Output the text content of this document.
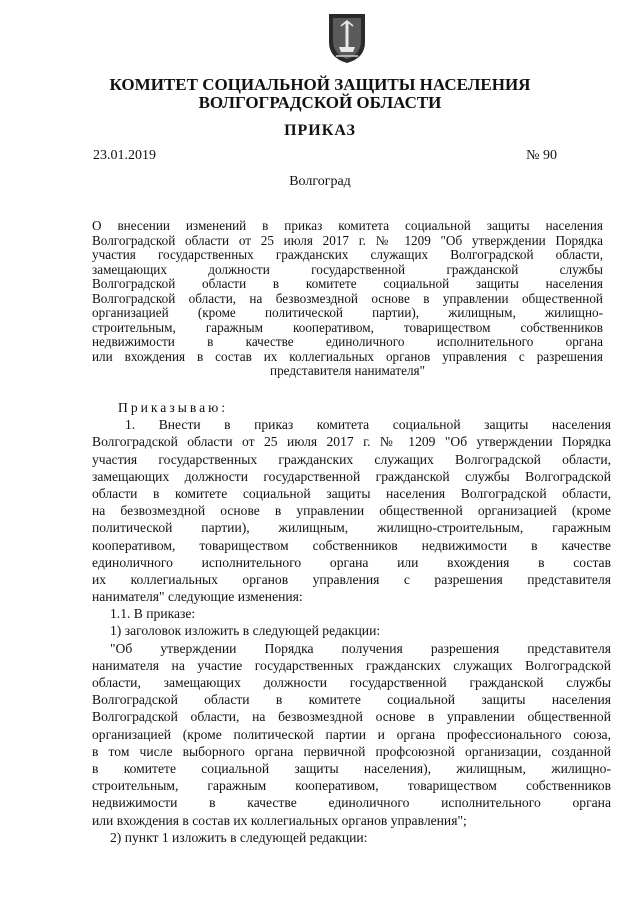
КОМИТЕТ СОЦИАЛЬНОЙ ЗАЩИТЫ НАСЕЛЕНИЯ
ВОЛГОГРАДСКОЙ ОБЛАСТИ
ПРИКАЗ
23.01.2019	№ 90
Волгоград
О внесении изменений в приказ комитета социальной защиты населения
Волгоградской области от 25 июля 2017 г. № 1209 "Об утверждении Порядка
участия государственных гражданских служащих Волгоградской области,
замещающих должности государственной гражданской службы
Волгоградской области в комитете социальной защиты населения
Волгоградской области, на безвозмездной основе в управлении общественной
организацией (кроме политической партии), жилищным, жилищно-
строительным, гаражным кооперативом, товариществом собственников
недвижимости в качестве единоличного исполнительного органа
или вхождения в состав их коллегиальных органов управления с разрешения
представителя нанимателя"
Приказываю:
1. Внести в приказ комитета социальной защиты населения
Волгоградской области от 25 июля 2017 г. № 1209 "Об утверждении Порядка
участия государственных гражданских служащих Волгоградской области,
замещающих должности государственной гражданской службы Волгоградской
области в комитете социальной защиты населения Волгоградской области,
на безвозмездной основе в управлении общественной организацией (кроме
политической партии), жилищным, жилищно-строительным, гаражным
кооперативом, товариществом собственников недвижимости в качестве
единоличного исполнительного органа или вхождения в состав
их коллегиальных органов управления с разрешения представителя
нанимателя" следующие изменения:
1.1. В приказе:
1) заголовок изложить в следующей редакции:
"Об утверждении Порядка получения разрешения представителя
нанимателя на участие государственных гражданских служащих Волгоградской
области, замещающих должности государственной гражданской службы
Волгоградской области в комитете социальной защиты населения
Волгоградской области, на безвозмездной основе в управлении общественной
организацией (кроме политической партии и органа профессионального союза,
в том числе выборного органа первичной профсоюзной организации, созданной
в комитете социальной защиты населения), жилищным, жилищно-
строительным, гаражным кооперативом, товариществом собственников
недвижимости в качестве единоличного исполнительного органа
или вхождения в состав их коллегиальных органов управления";
2) пункт 1 изложить в следующей редакции:
